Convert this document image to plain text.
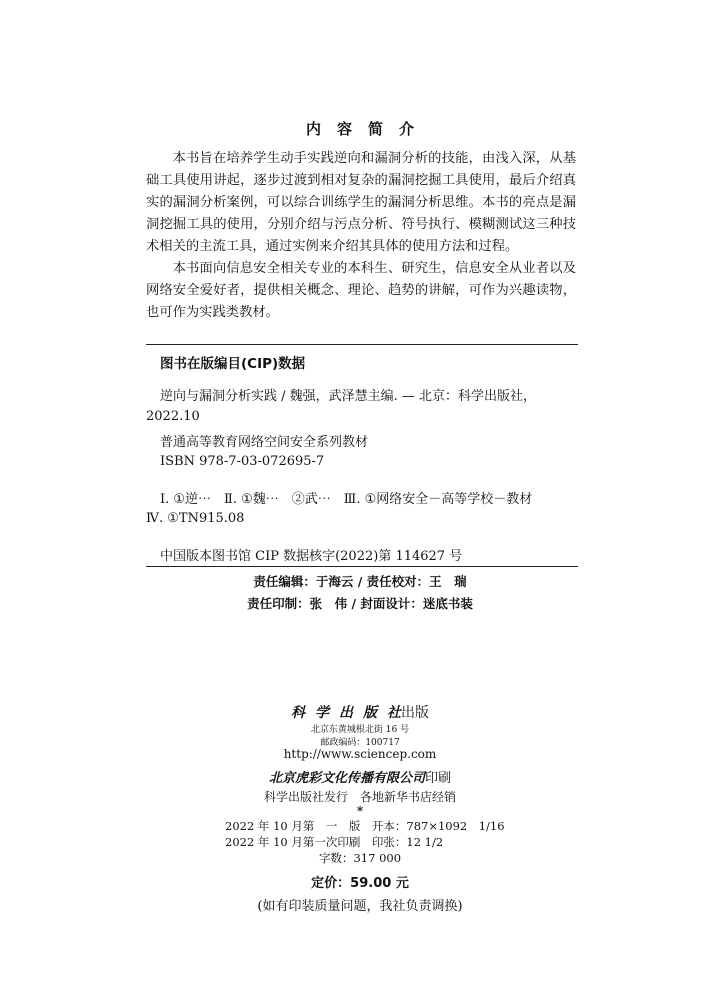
内容简介

本书旨在培养学生动手实践逆向和漏洞分析的技能，由浅入深，从基础工具使用讲起，逐步过渡到相对复杂的漏洞挖掘工具使用，最后介绍真实的漏洞分析案例，可以综合训练学生的漏洞分析思维。本书的亮点是漏洞挖掘工具的使用，分别介绍与污点分析、符号执行、模糊测试这三种技术相关的主流工具，通过实例来介绍其具体的使用方法和过程。

本书面向信息安全相关专业的本科生、研究生，信息安全从业者以及网络安全爱好者，提供相关概念、理论、趋势的讲解，可作为兴趣读物，也可作为实践类教材。

图书在版编目(CIP)数据
逆向与漏洞分析实践 / 魏强，武泽慧主编. — 北京：科学出版社，
2022.10
普通高等教育网络空间安全系列教材
ISBN 978-7-03-072695-7
Ⅰ. ①逆⋯　Ⅱ. ①魏⋯　②武⋯　Ⅲ. ①网络安全－高等学校－教材
Ⅳ. ①TN915.08
中国版本图书馆 CIP 数据核字(2022)第 114627 号
责任编辑：于海云 / 责任校对：王　瑞
责任印制：张　伟 / 封面设计：迷底书装
科学出版社出版
北京东黄城根北街 16 号
邮政编码：100717
http://www.sciencep.com
北京虎彩文化传播有限公司印刷
科学出版社发行　各地新华书店经销
*
2022 年 10 月第　一　版　 开本：787×1092　1/16
2022 年 10 月第一次印刷　 印张：12 1/2
字数：317 000
定价：59.00 元
(如有印装质量问题，我社负责调换)
